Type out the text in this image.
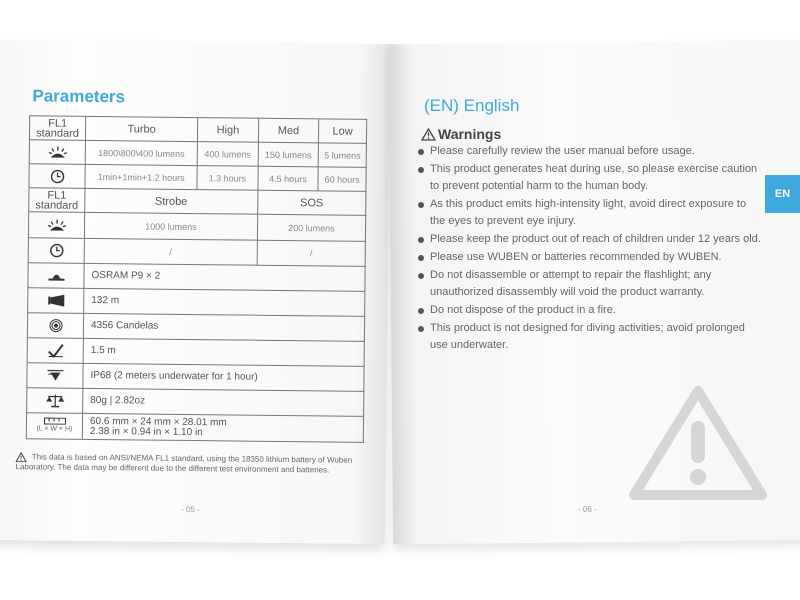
Parameters
FL1 standard	Turbo	High	Med	Low
	1800\800\400 lumens	400 lumens	150 lumens	5 lumens
	1min+1min+1.2 hours	1.3 hours	4.5 hours	60 hours
FL1 standard	Strobe		SOS	
	1000 lumens		200 lumens	
	/		/	
	OSRAM P9 × 2			
	132 m			
	4356 Candelas			
	1.5 m			
	IP68 (2 meters underwater for 1 hour)			
	80g | 2.82oz			

(L × W × H)	60.6 mm × 24 mm × 28.01 mm
2.38 in × 0.94 in × 1.10 in			
This data is based on ANSI/NEMA FL1 standard, using the 18350 lithium battery of Wuben Laboratory. The data may be different due to the different test environment and batteries.
- 05 -
(EN) English
Warnings
Please carefully review the user manual before usage.
This product generates heat during use, so please exercise caution to prevent potential harm to the human body.
As this product emits high-intensity light, avoid direct exposure to the eyes to prevent eye injury.
Please keep the product out of reach of children under 12 years old.
Please use WUBEN or batteries recommended by WUBEN.
Do not disassemble or attempt to repair the flashlight; any unauthorized disassembly will void the product warranty.
Do not dispose of the product in a fire.
This product is not designed for diving activities; avoid prolonged use underwater.
EN
- 06 -
